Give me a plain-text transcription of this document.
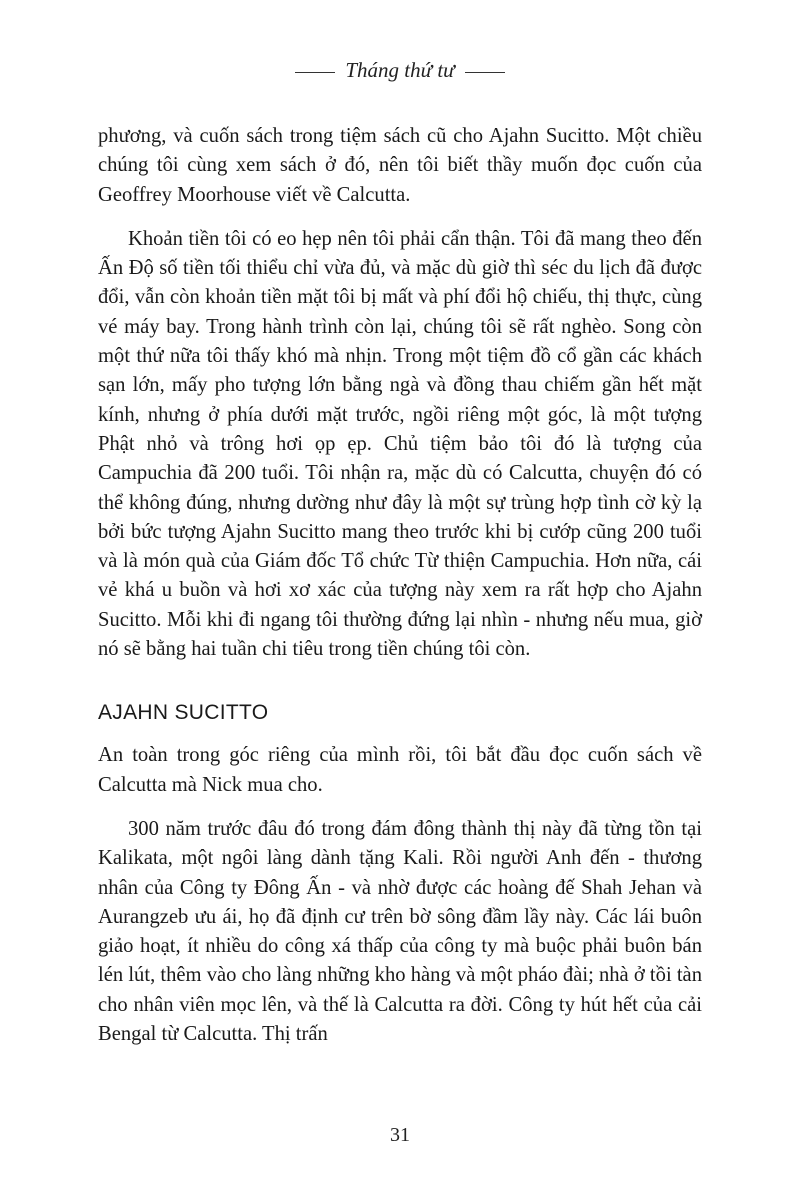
Tháng thứ tư

phương, và cuốn sách trong tiệm sách cũ cho Ajahn Sucitto. Một chiều chúng tôi cùng xem sách ở đó, nên tôi biết thầy muốn đọc cuốn của Geoffrey Moorhouse viết về Calcutta.

Khoản tiền tôi có eo hẹp nên tôi phải cẩn thận. Tôi đã mang theo đến Ấn Độ số tiền tối thiểu chỉ vừa đủ, và mặc dù giờ thì séc du lịch đã được đổi, vẫn còn khoản tiền mặt tôi bị mất và phí đổi hộ chiếu, thị thực, cùng vé máy bay. Trong hành trình còn lại, chúng tôi sẽ rất nghèo. Song còn một thứ nữa tôi thấy khó mà nhịn. Trong một tiệm đồ cổ gần các khách sạn lớn, mấy pho tượng lớn bằng ngà và đồng thau chiếm gần hết mặt kính, nhưng ở phía dưới mặt trước, ngồi riêng một góc, là một tượng Phật nhỏ và trông hơi ọp ẹp. Chủ tiệm bảo tôi đó là tượng của Campuchia đã 200 tuổi. Tôi nhận ra, mặc dù có Calcutta, chuyện đó có thể không đúng, nhưng dường như đây là một sự trùng hợp tình cờ kỳ lạ bởi bức tượng Ajahn Sucitto mang theo trước khi bị cướp cũng 200 tuổi và là món quà của Giám đốc Tổ chức Từ thiện Campuchia. Hơn nữa, cái vẻ khá u buồn và hơi xơ xác của tượng này xem ra rất hợp cho Ajahn Sucitto. Mỗi khi đi ngang tôi thường đứng lại nhìn - nhưng nếu mua, giờ nó sẽ bằng hai tuần chi tiêu trong tiền chúng tôi còn.

AJAHN SUCITTO

An toàn trong góc riêng của mình rồi, tôi bắt đầu đọc cuốn sách về Calcutta mà Nick mua cho.

300 năm trước đâu đó trong đám đông thành thị này đã từng tồn tại Kalikata, một ngôi làng dành tặng Kali. Rồi người Anh đến - thương nhân của Công ty Đông Ấn - và nhờ được các hoàng đế Shah Jehan và Aurangzeb ưu ái, họ đã định cư trên bờ sông đầm lầy này. Các lái buôn giảo hoạt, ít nhiều do công xá thấp của công ty mà buộc phải buôn bán lén lút, thêm vào cho làng những kho hàng và một pháo đài; nhà ở tồi tàn cho nhân viên mọc lên, và thế là Calcutta ra đời. Công ty hút hết của cải Bengal từ Calcutta. Thị trấn

31
